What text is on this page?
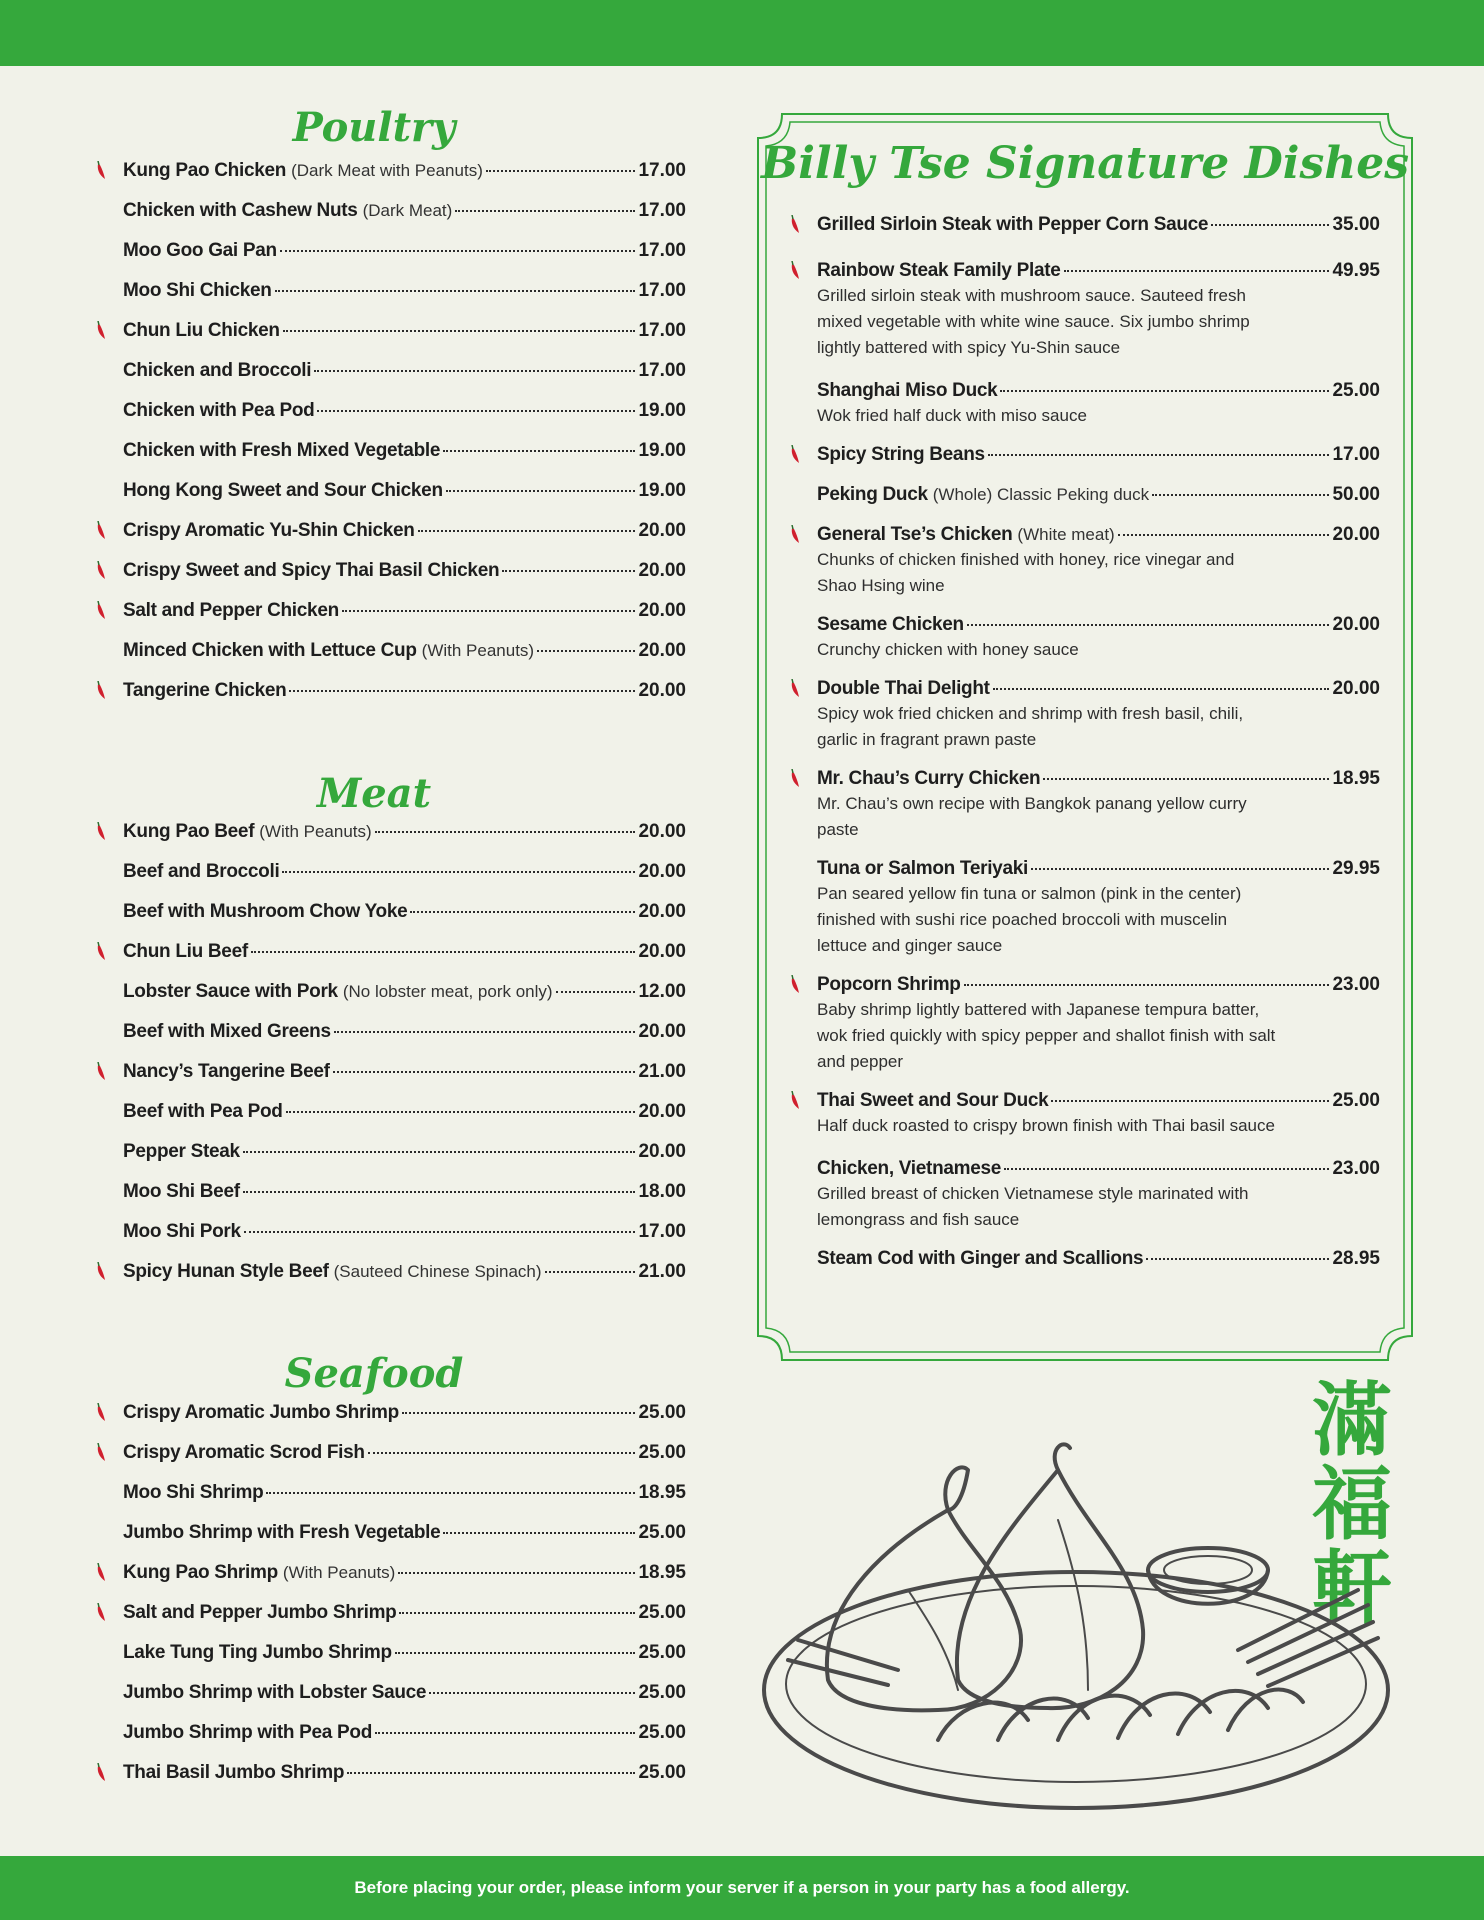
Poultry
Kung Pao Chicken (Dark Meat with Peanuts)	17.00
Chicken with Cashew Nuts (Dark Meat)	17.00
Moo Goo Gai Pan	17.00
Moo Shi Chicken	17.00
Chun Liu Chicken	17.00
Chicken and Broccoli	17.00
Chicken with Pea Pod	19.00
Chicken with Fresh Mixed Vegetable	19.00
Hong Kong Sweet and Sour Chicken	19.00
Crispy Aromatic Yu-Shin Chicken	20.00
Crispy Sweet and Spicy Thai Basil Chicken	20.00
Salt and Pepper Chicken	20.00
Minced Chicken with Lettuce Cup (With Peanuts)	20.00
Tangerine Chicken	20.00
Meat
Kung Pao Beef (With Peanuts)	20.00
Beef and Broccoli	20.00
Beef with Mushroom Chow Yoke	20.00
Chun Liu Beef	20.00
Lobster Sauce with Pork (No lobster meat, pork only)	12.00
Beef with Mixed Greens	20.00
Nancy’s Tangerine Beef	21.00
Beef with Pea Pod	20.00
Pepper Steak	20.00
Moo Shi Beef	18.00
Moo Shi Pork	17.00
Spicy Hunan Style Beef (Sauteed Chinese Spinach)	21.00
Seafood
Crispy Aromatic Jumbo Shrimp	25.00
Crispy Aromatic Scrod Fish	25.00
Moo Shi Shrimp	18.95
Jumbo Shrimp with Fresh Vegetable	25.00
Kung Pao Shrimp (With Peanuts)	18.95
Salt and Pepper Jumbo Shrimp	25.00
Lake Tung Ting Jumbo Shrimp	25.00
Jumbo Shrimp with Lobster Sauce	25.00
Jumbo Shrimp with Pea Pod	25.00
Thai Basil Jumbo Shrimp	25.00
Billy Tse Signature Dishes
Grilled Sirloin Steak with Pepper Corn Sauce	35.00
Rainbow Steak Family Plate	49.95
Grilled sirloin steak with mushroom sauce. Sauteed fresh mixed vegetable with white wine sauce. Six jumbo shrimp lightly battered with spicy Yu-Shin sauce
Shanghai Miso Duck	25.00
Wok fried half duck with miso sauce
Spicy String Beans	17.00
Peking Duck (Whole) Classic Peking duck	50.00
General Tse’s Chicken (White meat)	20.00
Chunks of chicken finished with honey, rice vinegar and Shao Hsing wine
Sesame Chicken	20.00
Crunchy chicken with honey sauce
Double Thai Delight	20.00
Spicy wok fried chicken and shrimp with fresh basil, chili, garlic in fragrant prawn paste
Mr. Chau’s Curry Chicken	18.95
Mr. Chau’s own recipe with Bangkok panang yellow curry paste
Tuna or Salmon Teriyaki	29.95
Pan seared yellow fin tuna or salmon (pink in the center) finished with sushi rice poached broccoli with muscelin lettuce and ginger sauce
Popcorn Shrimp	23.00
Baby shrimp lightly battered with Japanese tempura batter, wok fried quickly with spicy pepper and shallot finish with salt and pepper
Thai Sweet and Sour Duck	25.00
Half duck roasted to crispy brown finish with Thai basil sauce
Chicken, Vietnamese	23.00
Grilled breast of chicken Vietnamese style marinated with lemongrass and fish sauce
Steam Cod with Ginger and Scallions	28.95
滿
福
軒
Before placing your order, please inform your server if a person in your party has a food allergy.
